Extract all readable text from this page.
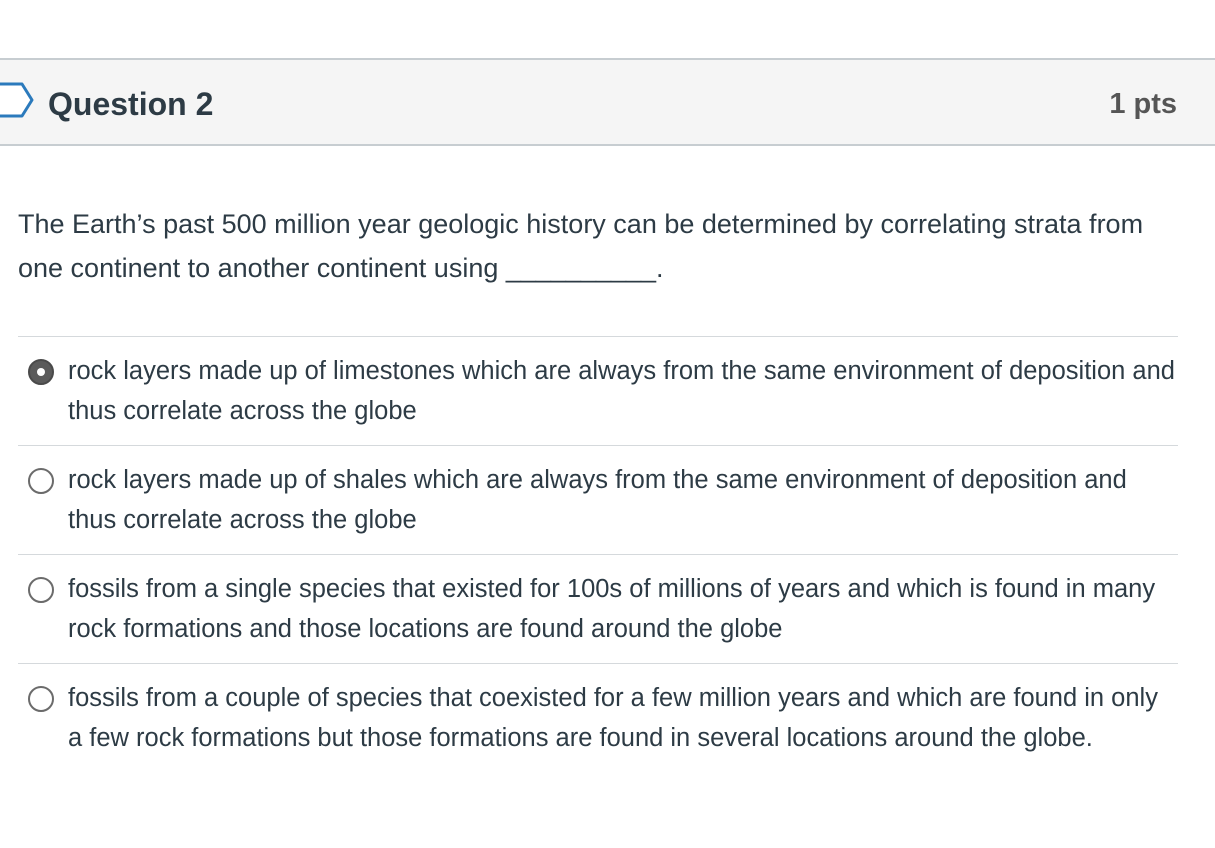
Question 2	1 pts
The Earth’s past 500 million year geologic history can be determined by correlating strata from one continent to another continent using __________.
rock layers made up of limestones which are always from the same environment of deposition and thus correlate across the globe
rock layers made up of shales which are always from the same environment of deposition and thus correlate across the globe
fossils from a single species that existed for 100s of millions of years and which is found in many rock formations and those locations are found around the globe
fossils from a couple of species that coexisted for a few million years and which are found in only a few rock formations but those formations are found in several locations around the globe.
